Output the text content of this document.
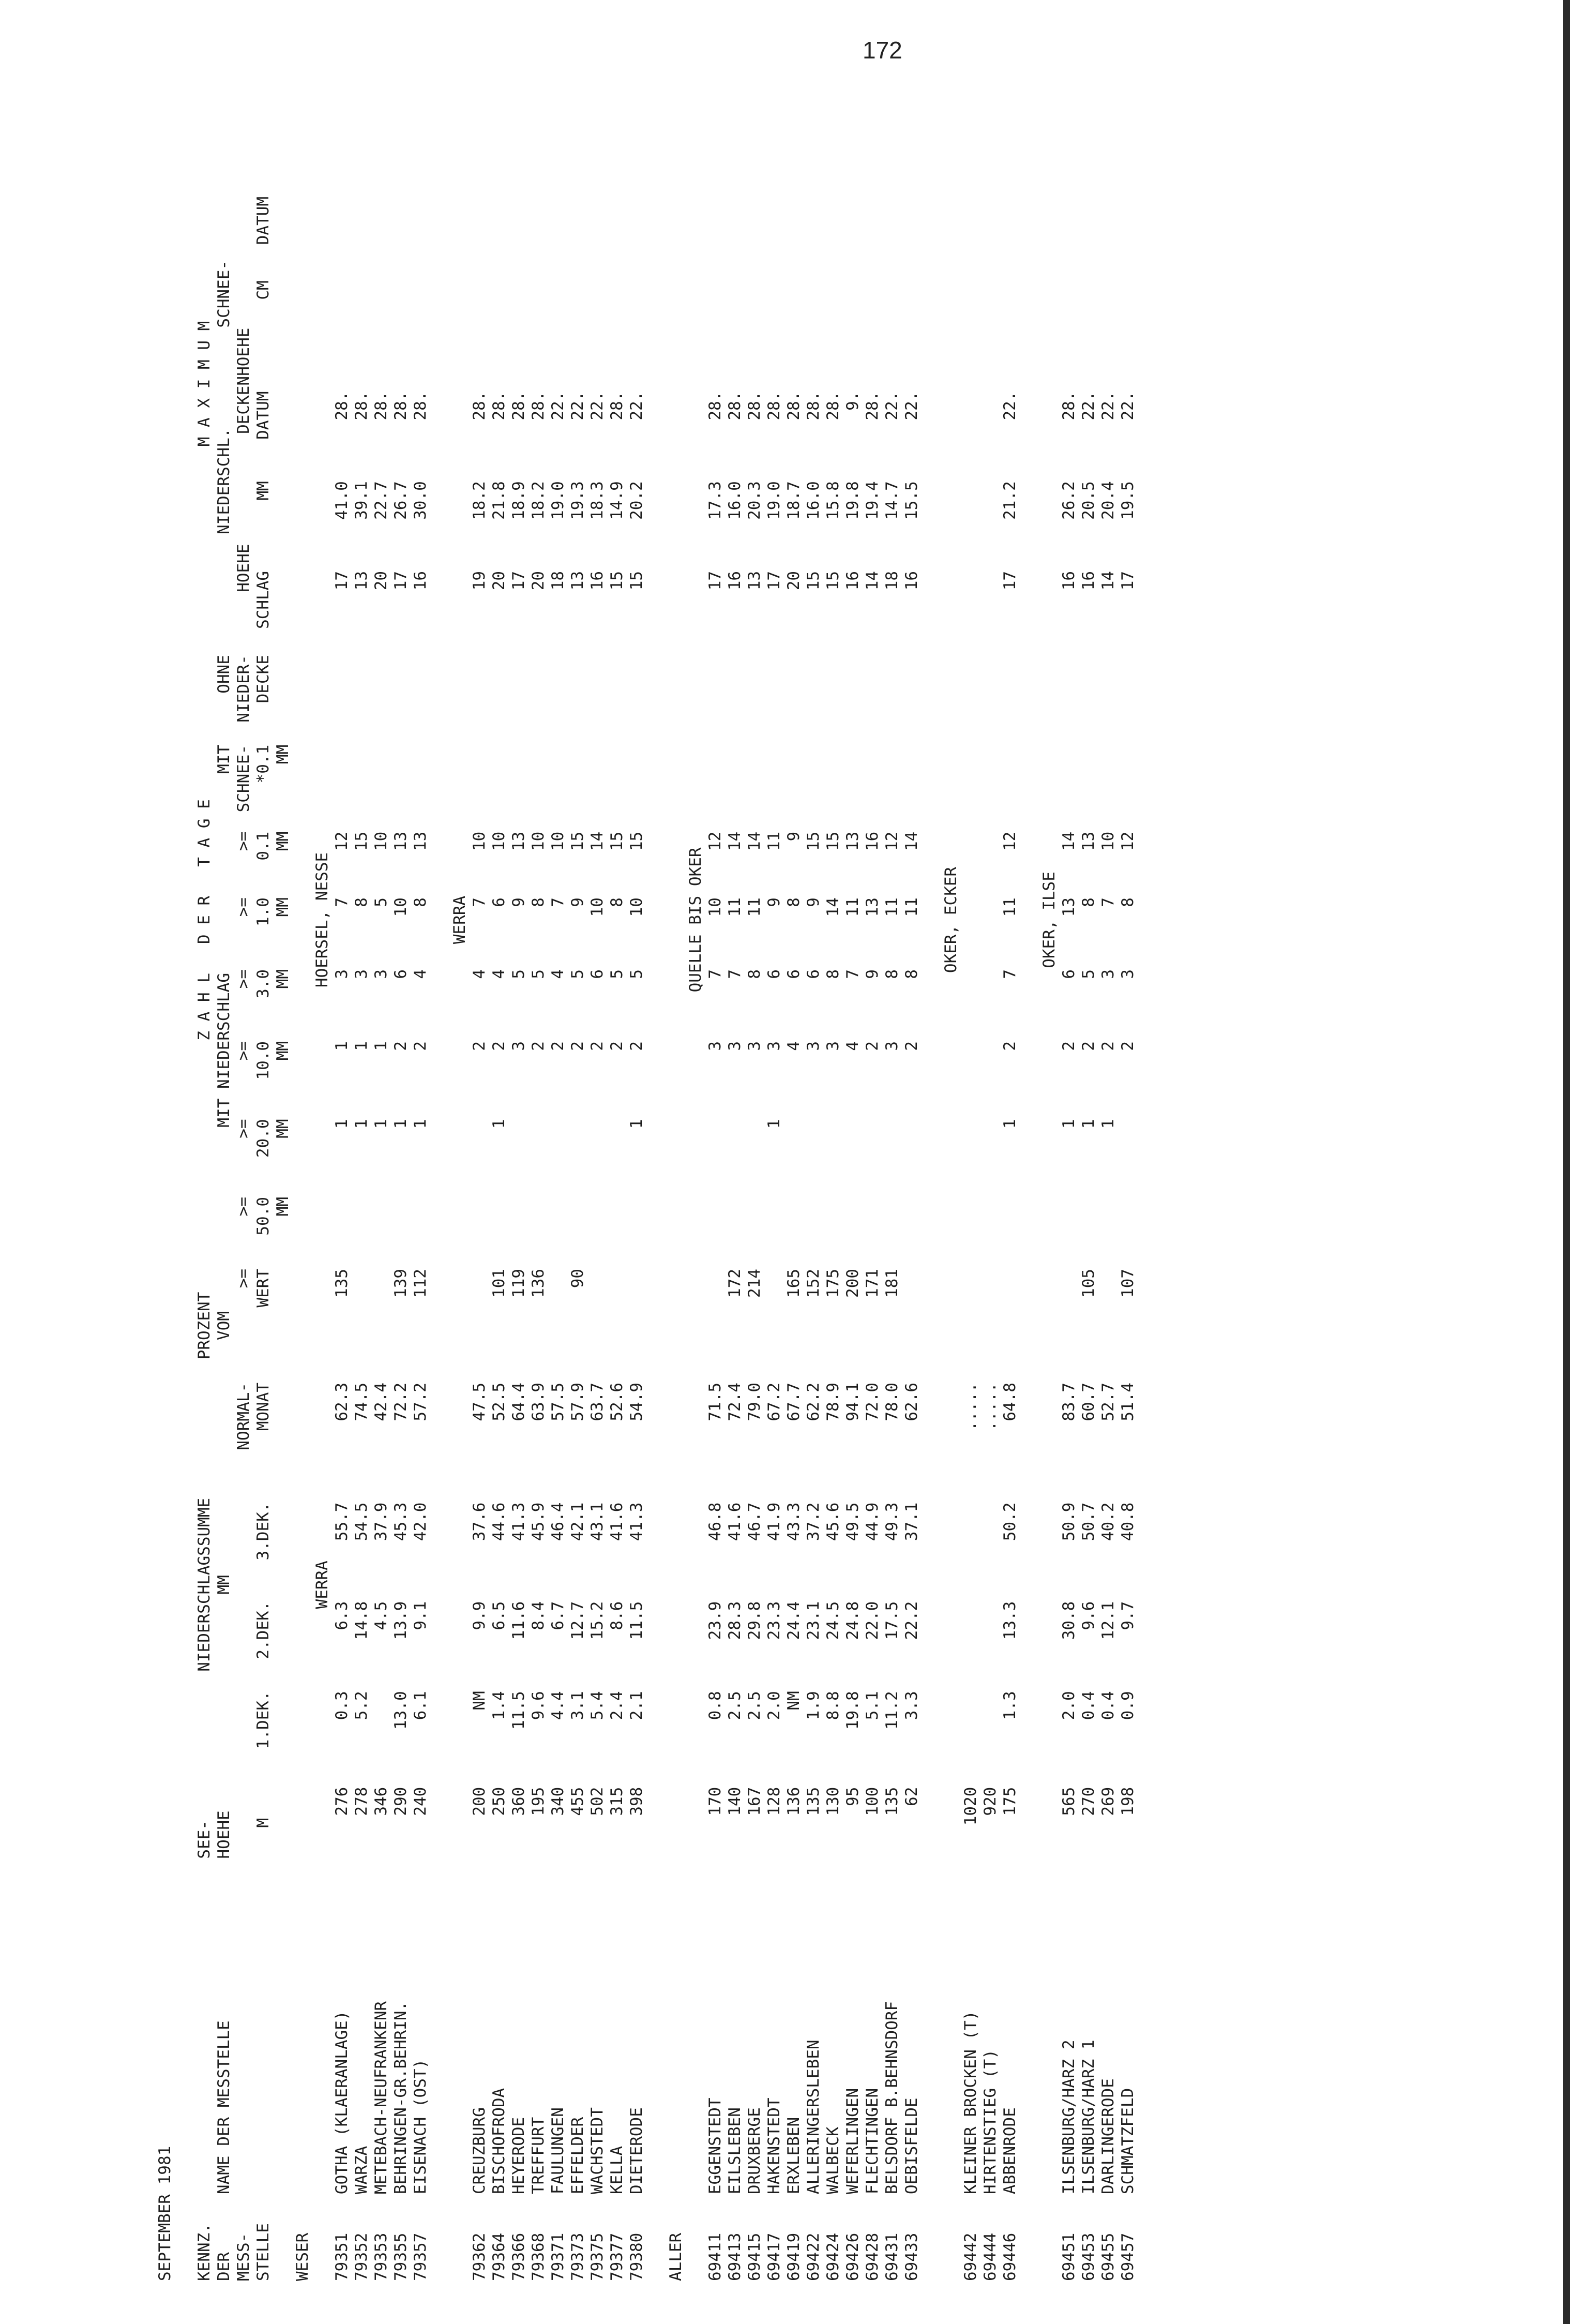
172
SEPTEMBER 1981																				

KENNZ.		SEE-	NIEDERSCHLAGSSUMME				PROZENT	Z A H L   D E R   T A G E									M A X I M U M			
DER	NAME DER MESSTELLE	HOEHE	MM				VOM	MIT NIEDERSCHLAG						MIT	OHNE		NIEDERSCHL.		SCHNEE-	
MESS-						NORMAL-	>=	>=	>=	>=	>=	>=	>=	SCHNEE-	NIEDER-	HOEHE		DECKENHOEHE		
STELLE		M	1.DEK.	2.DEK.	3.DEK.	MONAT	WERT	50.0	20.0	10.0	3.0	1.0	0.1	*0.1	DECKE	SCHLAG	MM	DATUM	CM	DATUM
								MM	MM	MM	MM	MM	MM	MM						
WESER																				
			WERRA					HOERSEL, NESSE												
79351	GOTHA (KLAERANLAGE)	276	0.3	6.3	55.7	62.3	135		1	1	3	7	12			17	41.0	28.		
79352	WARZA	278	5.2	14.8	54.5	74.5			1	1	3	8	15			13	39.1	28.		
79353	METEBACH-NEUFRANKENR	346		4.5	37.9	42.4			1	1	3	5	10			20	22.7	28.		
79355	BEHRINGEN-GR.BEHRIN.	290	13.0	13.9	45.3	72.2	139		1	2	6	10	13			17	26.7	28.		
79357	EISENACH (OST)	240	6.1	9.1	42.0	57.2	112		1	2	4	8	13			16	30.0	28.		

								WERRA												
79362	CREUZBURG	200	NM	9.9	37.6	47.5				2	4	7	10			19	18.2	28.		
79364	BISCHOFRODA	250	1.4	6.5	44.6	52.5	101		1	2	4	6	10			20	21.8	28.		
79366	HEYERODE	360	11.5	11.6	41.3	64.4	119			3	5	9	13			17	18.9	28.		
79368	TREFFURT	195	9.6	8.4	45.9	63.9	136			2	5	8	10			20	18.2	28.		
79371	FAULUNGEN	340	4.4	6.7	46.4	57.5				2	4	7	10			18	19.0	22.		
79373	EFFELDER	455	3.1	12.7	42.1	57.9	90			2	5	9	15			13	19.3	22.		
79375	WACHSTEDT	502	5.4	15.2	43.1	63.7				2	6	10	14			16	18.3	22.		
79377	KELLA	315	2.4	8.6	41.6	52.6				2	5	8	15			15	14.9	28.		
79380	DIETERODE	398	2.1	11.5	41.3	54.9			1	2	5	10	15			15	20.2	22.		

ALLER																				
								QUELLE BIS OKER												
69411	EGGENSTEDT	170	0.8	23.9	46.8	71.5				3	7	10	12			17	17.3	28.		
69413	EILSLEBEN	140	2.5	28.3	41.6	72.4	172			3	7	11	14			16	16.0	28.		
69415	DRUXBERGE	167	2.5	29.8	46.7	79.0	214			3	8	11	14			13	20.3	28.		
69417	HAKENSTEDT	128	2.0	23.3	41.9	67.2			1	3	6	9	11			17	19.0	28.		
69419	ERXLEBEN	136	NM	24.4	43.3	67.7	165			4	6	8	9			20	18.7	28.		
69422	ALLERINGERSLEBEN	135	1.9	23.1	37.2	62.2	152			3	6	9	15			15	16.0	28.		
69424	WALBECK	130	8.8	24.5	45.6	78.9	175			3	8	14	15			15	15.8	28.		
69426	WEFERLINGEN	95	19.8	24.8	49.5	94.1	200			4	7	11	13			16	19.8	9.		
69428	FLECHTINGEN	100	5.1	22.0	44.9	72.0	171			2	9	13	16			14	19.4	28.		
69431	BELSDORF B.BEHNSDORF	135	11.2	17.5	49.3	78.0	181			3	8	11	12			18	14.7	22.		
69433	OEBISFELDE	62	3.3	22.2	37.1	62.6				2	8	11	14			16	15.5	22.		

								OKER, ECKER												
69442	KLEINER BROCKEN (T)	1020				.....														
69444	HIRTENSTIEG (T)	920				.....														
69446	ABBENRODE	175	1.3	13.3	50.2	64.8			1	2	7	11	12			17	21.2	22.		

								OKER, ILSE												
69451	ILSENBURG/HARZ 2	565	2.0	30.8	50.9	83.7			1	2	6	13	14			16	26.2	28.		
69453	ILSENBURG/HARZ 1	270	0.4	9.6	50.7	60.7	105		1	2	5	8	13			16	20.5	22.		
69455	DARLINGERODE	269	0.4	12.1	40.2	52.7			1	2	3	7	10			14	20.4	22.		
69457	SCHMATZFELD	198	0.9	9.7	40.8	51.4	107			2	3	8	12			17	19.5	22.		
